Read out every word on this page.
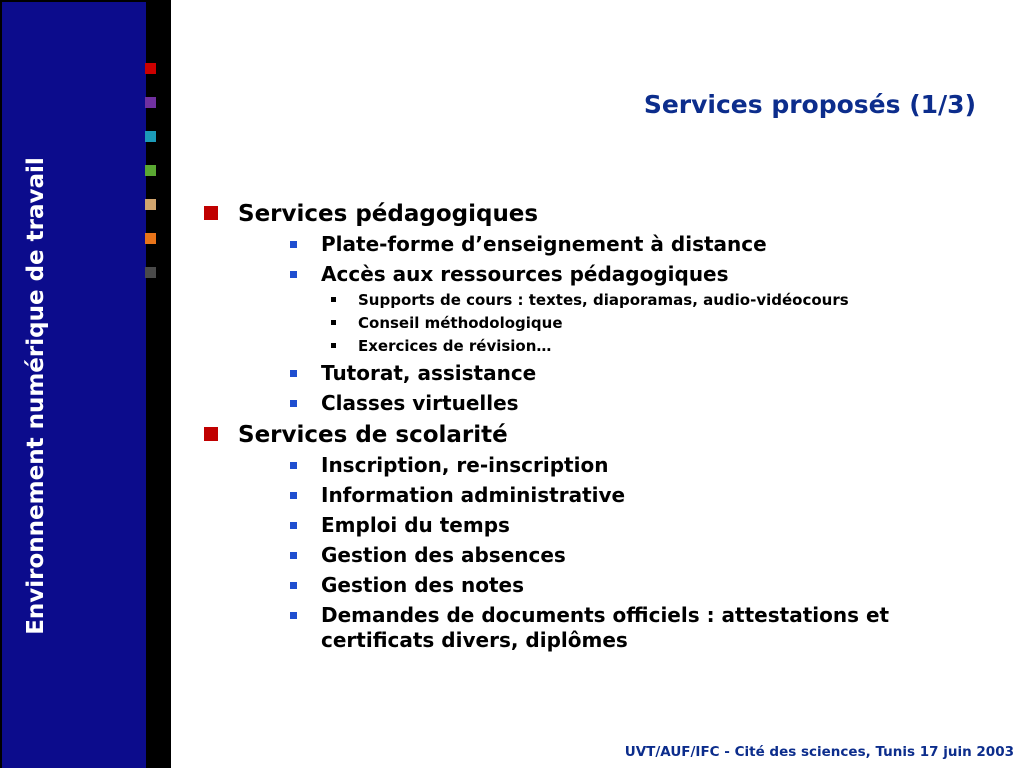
Environnement numérique de travail
Services proposés (1/3)
Services pédagogiques
Plate-forme d’enseignement à distance
Accès aux ressources pédagogiques
Supports de cours : textes, diaporamas, audio-vidéocours
Conseil méthodologique
Exercices de révision…
Tutorat, assistance
Classes virtuelles
Services de scolarité
Inscription, re-inscription
Information administrative
Emploi du temps
Gestion des absences
Gestion des notes
Demandes de documents officiels : attestations et certificats divers, diplômes
UVT/AUF/IFC - Cité des sciences, Tunis 17 juin 2003
